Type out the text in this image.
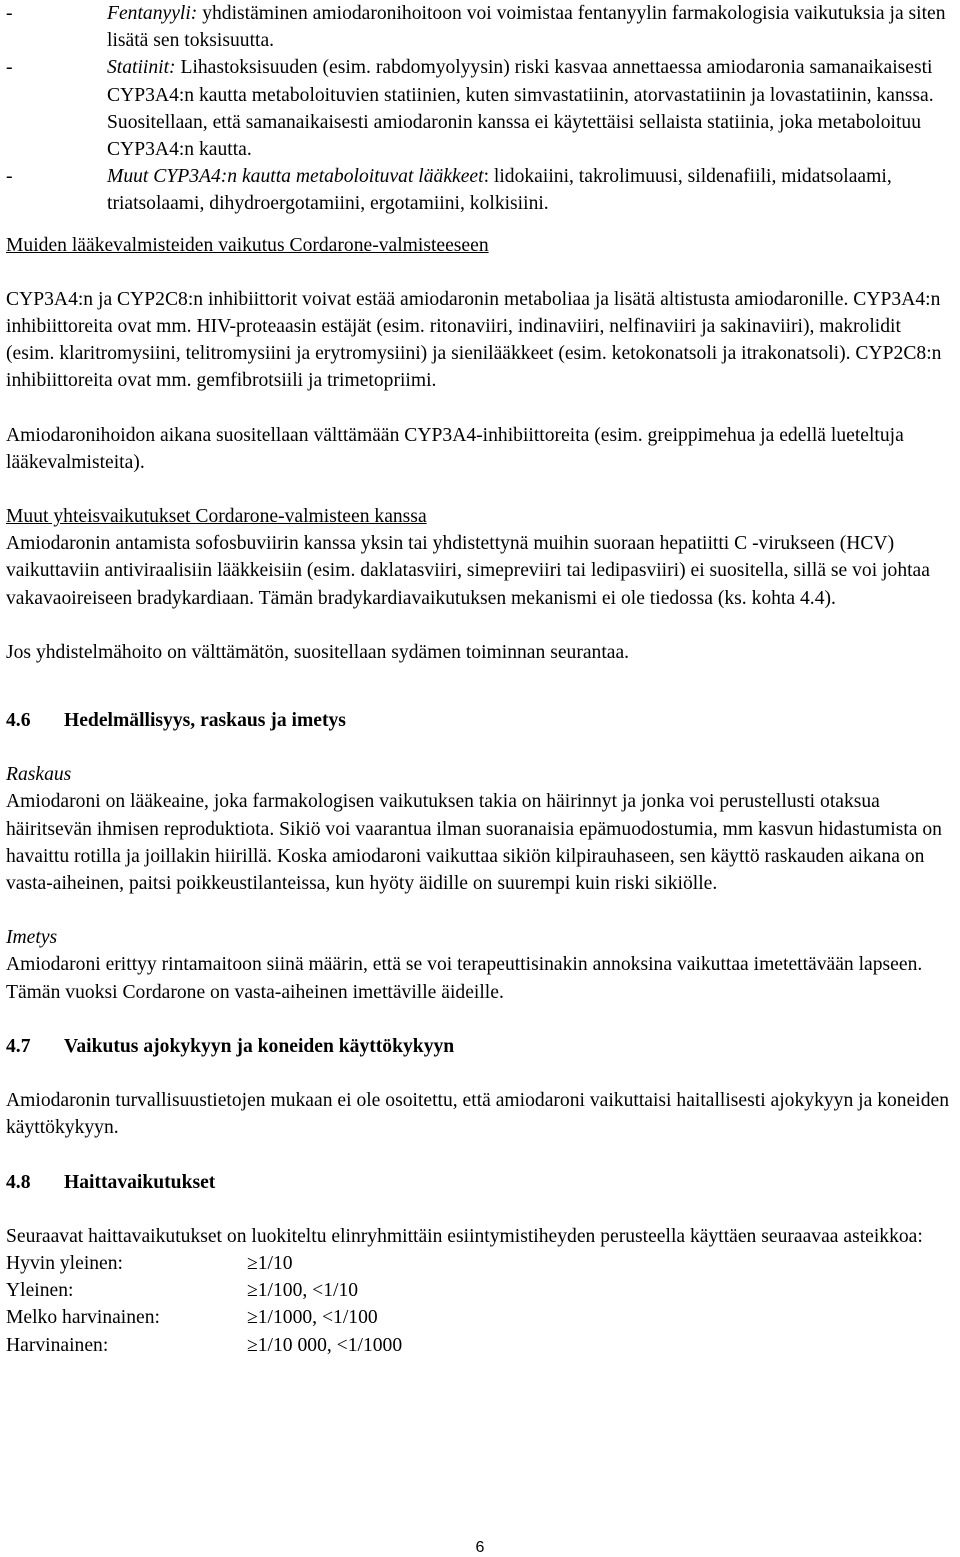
-	Fentanyyli: yhdistäminen amiodaronihoitoon voi voimistaa fentanyylin farmakologisia vaikutuksia ja siten lisätä sen toksisuutta.
-	Statiinit: Lihastoksisuuden (esim. rabdomyolyysin) riski kasvaa annettaessa amiodaronia samanaikaisesti CYP3A4:n kautta metaboloituvien statiinien, kuten simvastatiinin, atorvastatiinin ja lovastatiinin, kanssa.

Suositellaan, että samanaikaisesti amiodaronin kanssa ei käytettäisi sellaista statiinia, joka metaboloituu CYP3A4:n kautta.

-	Muut CYP3A4:n kautta metaboloituvat lääkkeet: lidokaiini, takrolimuusi, sildenafiili, midatsolaami, triatsolaami, dihydroergotamiini, ergotamiini, kolkisiini.

Muiden lääkevalmisteiden vaikutus Cordarone-valmisteeseen

CYP3A4:n ja CYP2C8:n inhibiittorit voivat estää amiodaronin metaboliaa ja lisätä altistusta amiodaronille. CYP3A4:n inhibiittoreita ovat mm. HIV-proteaasin estäjät (esim. ritonaviiri, indinaviiri, nelfinaviiri ja sakinaviiri), makrolidit (esim. klaritromysiini, telitromysiini ja erytromysiini) ja sienilääkkeet (esim. ketokonatsoli ja itrakonatsoli). CYP2C8:n inhibiittoreita ovat mm. gemfibrotsiili ja trimetopriimi.

Amiodaronihoidon aikana suositellaan välttämään CYP3A4-inhibiittoreita (esim. greippimehua ja edellä lueteltuja lääkevalmisteita).

Muut yhteisvaikutukset Cordarone-valmisteen kanssa

Amiodaronin antamista sofosbuviirin kanssa yksin tai yhdistettynä muihin suoraan hepatiitti C -virukseen (HCV) vaikuttaviin antiviraalisiin lääkkeisiin (esim. daklatasviiri, simepreviiri tai ledipasviiri) ei suositella, sillä se voi johtaa vakavaoireiseen bradykardiaan. Tämän bradykardiavaikutuksen mekanismi ei ole tiedossa (ks. kohta 4.4).

Jos yhdistelmähoito on välttämätön, suositellaan sydämen toiminnan seurantaa.

4.6	Hedelmällisyys, raskaus ja imetys

Raskaus

Amiodaroni on lääkeaine, joka farmakologisen vaikutuksen takia on häirinnyt ja jonka voi perustellusti otaksua häiritsevän ihmisen reproduktiota. Sikiö voi vaarantua ilman suoranaisia epämuodostumia, mm kasvun hidastumista on havaittu rotilla ja joillakin hiirillä. Koska amiodaroni vaikuttaa sikiön kilpirauhaseen, sen käyttö raskauden aikana on vasta-aiheinen, paitsi poikkeustilanteissa, kun hyöty äidille on suurempi kuin riski sikiölle.

Imetys

Amiodaroni erittyy rintamaitoon siinä määrin, että se voi terapeuttisinakin annoksina vaikuttaa imetettävään lapseen. Tämän vuoksi Cordarone on vasta-aiheinen imettäville äideille.

4.7	Vaikutus ajokykyyn ja koneiden käyttökykyyn

Amiodaronin turvallisuustietojen mukaan ei ole osoitettu, että amiodaroni vaikuttaisi haitallisesti ajokykyyn ja koneiden käyttökykyyn.

4.8	Haittavaikutukset

Seuraavat haittavaikutukset on luokiteltu elinryhmittäin esiintymistiheyden perusteella käyttäen seuraavaa asteikkoa:

Hyvin yleinen:	≥1/10
Yleinen:	≥1/100, <1/10
Melko harvinainen:	≥1/1000, <1/100
Harvinainen:	≥1/10 000, <1/1000
6
